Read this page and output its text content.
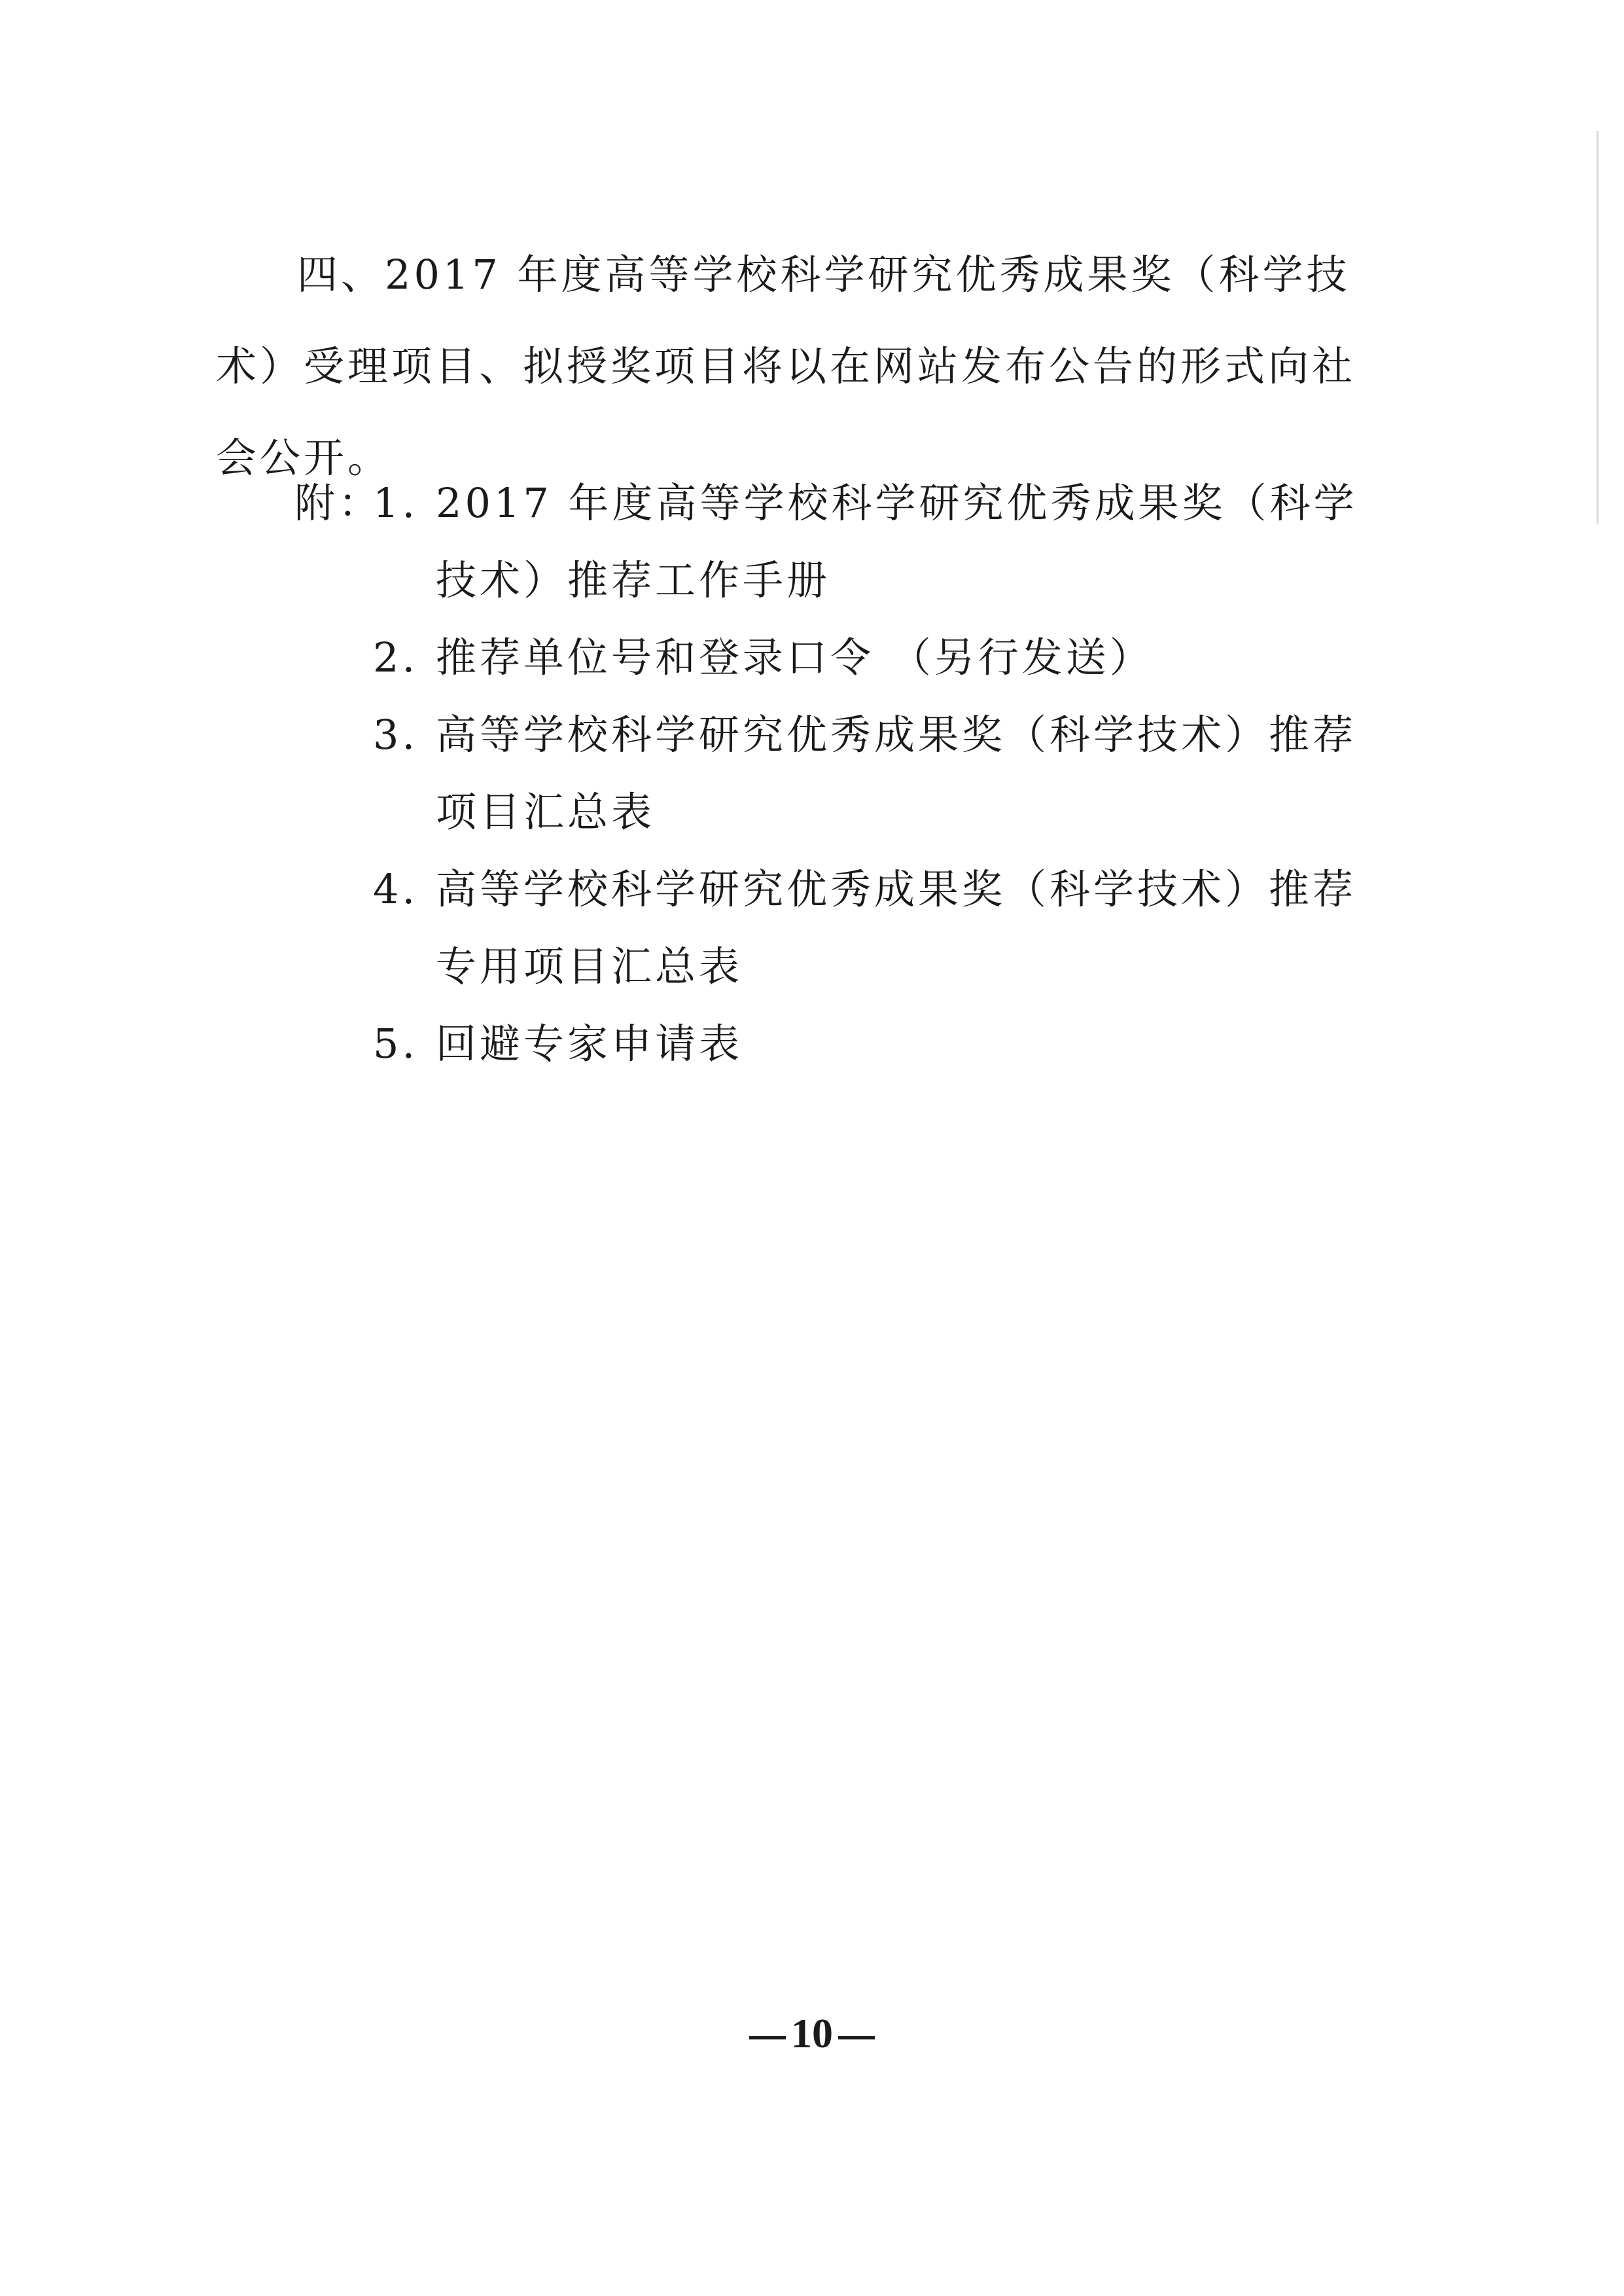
四、2017 年度高等学校科学研究优秀成果奖（科学技术）受理项目、拟授奖项目将以在网站发布公告的形式向社会公开。

附：
1. 2017 年度高等学校科学研究优秀成果奖（科学技术）推荐工作手册
2. 推荐单位号和登录口令 （另行发送）
3. 高等学校科学研究优秀成果奖（科学技术）推荐项目汇总表
4. 高等学校科学研究优秀成果奖（科学技术）推荐专用项目汇总表
5. 回避专家申请表
10
